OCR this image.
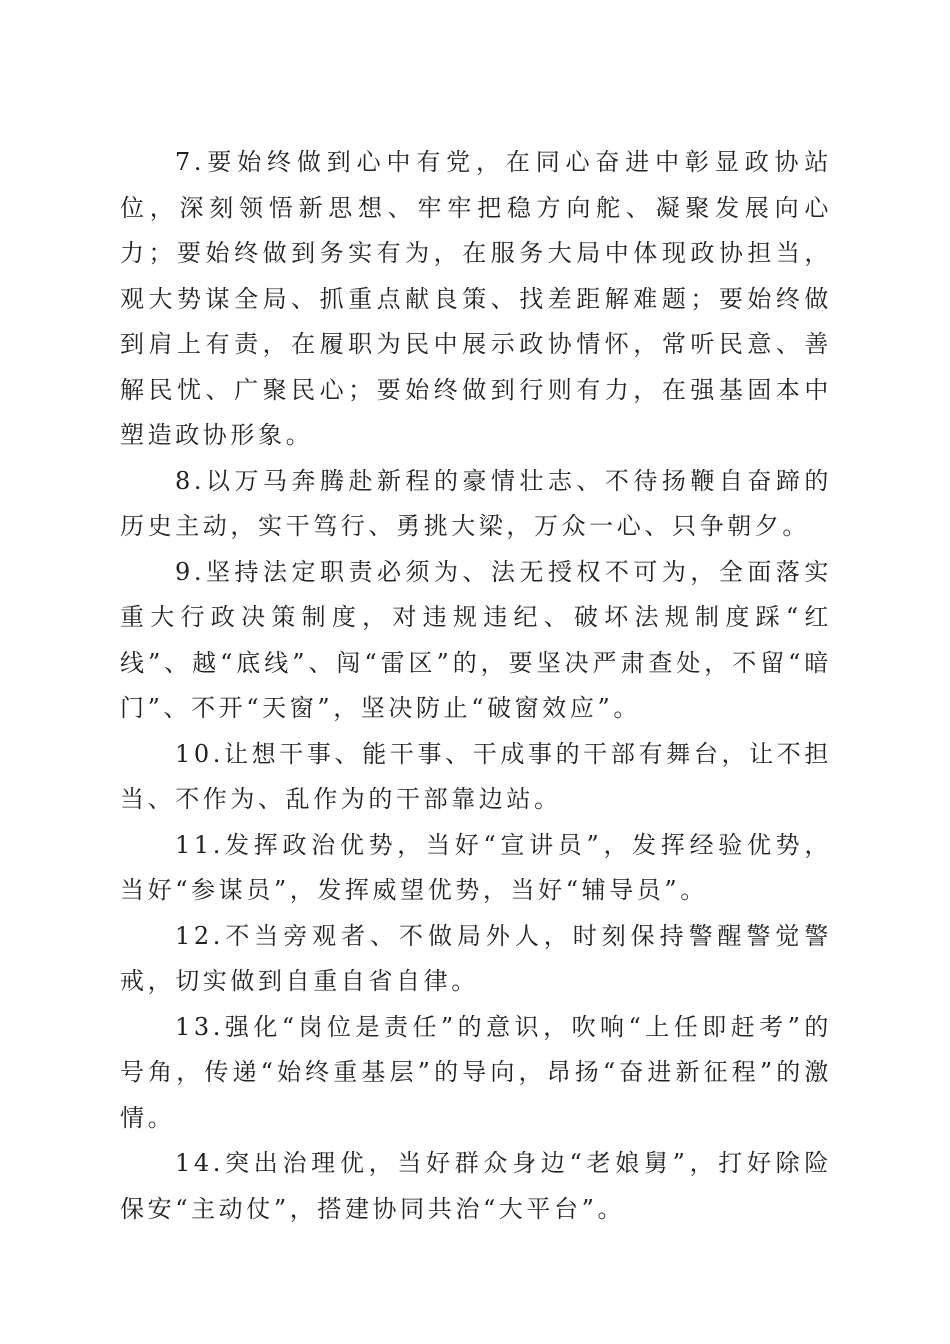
7.要始终做到心中有党，在同心奋进中彰显政协站位，深刻领悟新思想、牢牢把稳方向舵、凝聚发展向心力；要始终做到务实有为，在服务大局中体现政协担当，观大势谋全局、抓重点献良策、找差距解难题；要始终做到肩上有责，在履职为民中展示政协情怀，常听民意、善解民忧、广聚民心；要始终做到行则有力，在强基固本中塑造政协形象。

8.以万马奔腾赴新程的豪情壮志、不待扬鞭自奋蹄的历史主动，实干笃行、勇挑大梁，万众一心、只争朝夕。

9.坚持法定职责必须为、法无授权不可为，全面落实重大行政决策制度，对违规违纪、破坏法规制度踩“红线”、越“底线”、闯“雷区”的，要坚决严肃查处，不留“暗门”、不开“天窗”，坚决防止“破窗效应”。

10.让想干事、能干事、干成事的干部有舞台，让不担当、不作为、乱作为的干部靠边站。

11.发挥政治优势，当好“宣讲员”，发挥经验优势，当好“参谋员”，发挥威望优势，当好“辅导员”。

12.不当旁观者、不做局外人，时刻保持警醒警觉警戒，切实做到自重自省自律。

13.强化“岗位是责任”的意识，吹响“上任即赶考”的号角，传递“始终重基层”的导向，昂扬“奋进新征程”的激情。

14.突出治理优，当好群众身边“老娘舅”，打好除险保安“主动仗”，搭建协同共治“大平台”。
